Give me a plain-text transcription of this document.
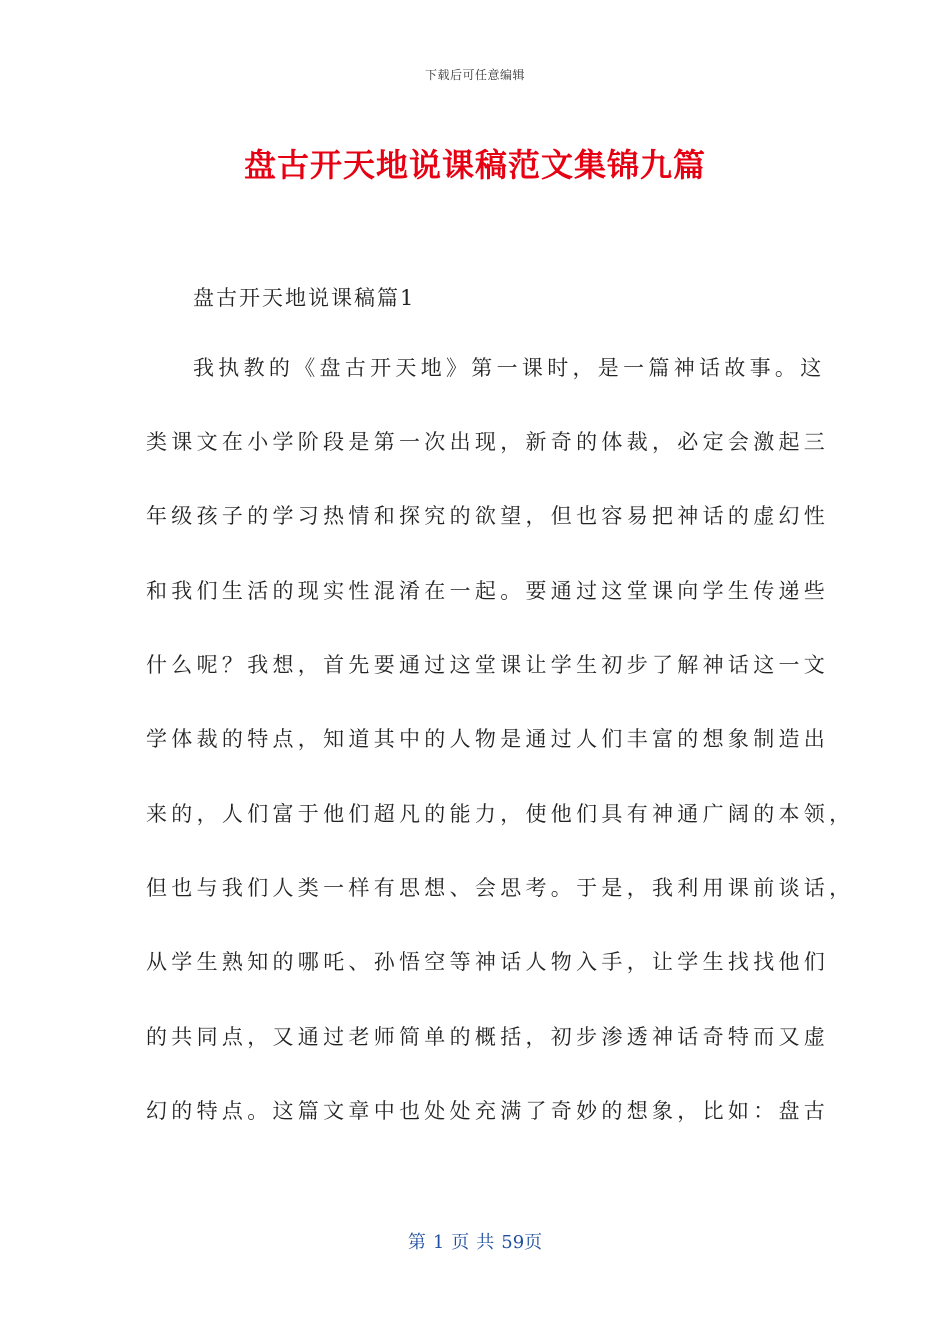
下载后可任意编辑
盘古开天地说课稿范文集锦九篇
盘古开天地说课稿篇1
我执教的《盘古开天地》第一课时，是一篇神话故事。这
类课文在小学阶段是第一次出现，新奇的体裁，必定会激起三
年级孩子的学习热情和探究的欲望，但也容易把神话的虚幻性
和我们生活的现实性混淆在一起。要通过这堂课向学生传递些
什么呢？我想，首先要通过这堂课让学生初步了解神话这一文
学体裁的特点，知道其中的人物是通过人们丰富的想象制造出
来的，人们富于他们超凡的能力，使他们具有神通广阔的本领，
但也与我们人类一样有思想、会思考。于是，我利用课前谈话，
从学生熟知的哪吒、孙悟空等神话人物入手，让学生找找他们
的共同点，又通过老师简单的概括，初步渗透神话奇特而又虚
幻的特点。这篇文章中也处处充满了奇妙的想象，比如：盘古
第 1 页 共 59页
